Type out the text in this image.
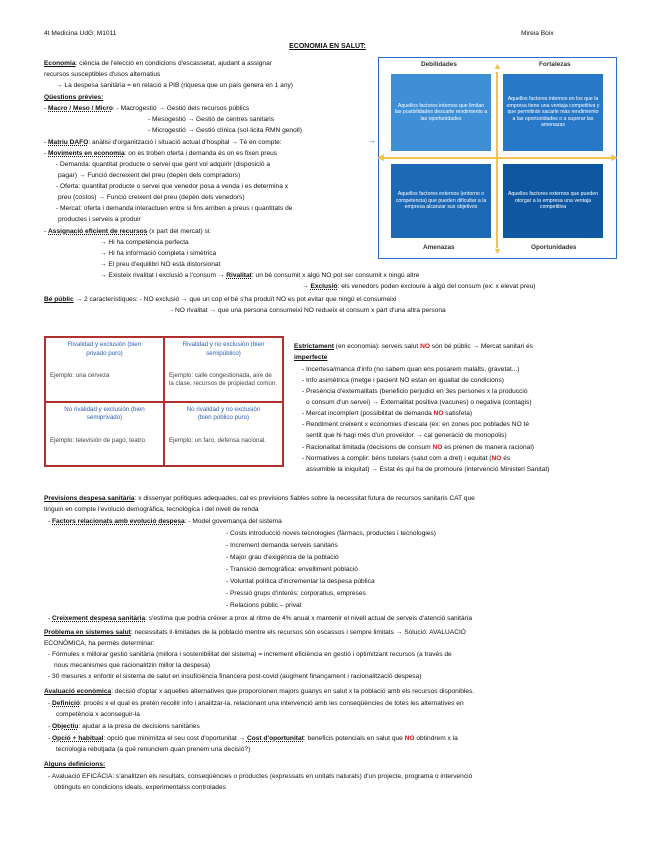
4t Medicina UdG; M1011	Mireia Boix
ECONOMIA EN SALUT:
Economia: ciència de l'elecció en condicions d'escassetat, ajudant a assignar
recursos susceptibles d'usos alternatius
→ La despesa sanitària = en relació a PIB (riquesa que un país genera en 1 any)
Qüestions prèvies:
- Macro / Meso / Micro: - Macrogestió → Gestió dels recursos públics
- Mesogestió → Gestió de centres sanitaris
- Microgestió → Gestió clínica (sol·licita RMN genoll)
- Matriu DAFO: anàlisi d'organització i situació actual d'hospital → Té en compte:
- Moviments en economia: on es troben oferta i demanda és on es fixen preus
- Demanda: quantitat producte o servei que gent vol adquirir (disposició a
pagar) → Funció decreixent del preu (depèn dels compradors)
- Oferta: quantitat producte o servei que venedor posa a venda i es determina x
preu (costos) → Funció creixent del preu (depèn dels venedors)
- Mercat: oferta i demanda interactuen entre si fins arriben a preus i quantitats de
productes i serveis a produir
- Assignació eficient de recursos (x part del mercat) si:
→ Hi ha competència perfecta
→ Hi ha informació completa i simètrica
→ El preu d'equilibri NO està distorsionat
→ Existeix rivalitat i exclusió a l'consum → Rivalitat: un bé consumit x algú NO pot ser consumit x ningú altre
→ Exclusió: els venedors poden excloure a algú del consum (ex: x elevat preu)
Bé públic → 2 característiques: - NO exclusió → que un cop el bé s'ha produït NO es pot evitar que ningú el consumeixi
- NO rivalitat → que una persona consumeixi NO redueix el consum x part d'una altra persona
Debilidades	Fortalezas
Aquellos factores internos que limitan las posibilidades descarte rendimiento a las oportunidades
Aquellos factores internos en los que la empresa tiene una ventaja competitiva y que permitirán sacarle más rendimiento a las oportunidades o a superar las amenazas
Aquellos factores externos (entorno o competencia) que pueden dificultar a la empresa alcanzar sus objetivos
Aquellos factores externos que pueden otorgar a la empresa una ventaja competitiva
◀	▶
▲
▼
Amenazas	Oportunidades
→
Rivalidad y exclusión (bien privado puro)
Ejemplo: una cerveza
Rivalidad y no exclusión (bien semipúblico)
Ejemplo: calle congestionada, aire de la clase, recursos de propiedad común.
No rivalidad y exclusión (bien semiprivado)
Ejemplo: televisión de pago, teatro.
No rivalidad y no exclusión (bien público puro)
Ejemplo: un faro, defensa nacional.
Estrictament (en economia): serveis salut NO són bé públic → Mercat sanitari és
imperfecte
- Incertesa/manca d'info (no sabem quan ens posarem malalts, gravetat...)
- Info asimètrica (metge i pacient NO estan en igualtat de condicions)
- Presència d'externalitats (beneficio perjudici en 3es persones x la producció
o consum d'un servei) → Externalitat positiva (vacunes) o negativa (contagis)
- Mercat incomplert (possibilitat de demanda NO satisfeta)
- Rendiment creixent x economies d'escala (ex: en zones poc poblades NO té
sentit que hi hagi més d'un proveïdor → cal generació de monopolis)
- Racionalitat limitada (decisions de consum NO es prenen de manera racional)
- Normatives a complir: béns tutelars (salut com a dret) i equitat (NO és
assumible la iniquitat) → Estat és qui ha de promoure (intervenció Ministeri Sanitat)
Previsions despesa sanitària: x dissenyar polítiques adequades, cal es previsions fiables sobre la necessitat futura de recursos sanitaris CAT que
tinguin en compte l'evolució demogràfica, tecnològica i del nivell de renda
- Factors relacionats amb evolució despesa: - Model governança del sistema
- Costs introducció noves tecnologies (fàrmacs, productes i tecnologies)
- Increment demanda serveis sanitaris
- Major grau d'exigència de la població
- Transició demogràfica: envelliment població
- Voluntat política d'incrementar la despesa pública
- Pressió grups d'interès: corporatius, empreses
- Relacions públic – privat
- Creixement despesa sanitària: s'estima que podria créixer a prox al ritme de 4% anual x mantenir el nivell actual de serveis d'atenció sanitària
Problema en sistemes salut: necessitats il·limitades de la població mentre els recursos són escassos i sempre limitats → Solució: AVALUACIÓ
ECONÒMICA, ha permès determinar:
- Fórmules x millorar gestió sanitària (millora i sostenibilitat del sistema) = increment eficiència en gestió i optimitzant recursos (a través de
nous mecanismes que racionalitzin millor la despesa)
- 30 mesures x enfortir el sistema de salut en insuficiència financera post-covid (augment finançament i racionalització despesa)
Avaluació econòmica: decisió d'optar x aquelles alternatives que proporcionen majors guanys en salut x la població amb els recursos disponibles.
- Definició: procés x el qual es pretén recollir info i analitzar-la, relacionant una intervenció amb les conseqüències de totes les alternatives en
competència x aconseguir-la
- Objectiu: ajudar a la presa de decisions sanitàries
- Opció + habitual: opció que minimitza el seu cost d'oportunitat → Cost d'oportunitat: beneficis potencials en salut que NO obtindrem x la
tecnologia rebutjada (a què renunciem quan prenem una decisió?)
Alguns definicions:
- Avaluació EFICÀCIA: s'analitzen els resultats, conseqüències o productes (expressats en unitats naturals) d'un projecte, programa o intervenció
obtinguts en condicions ideals, experimentalss controlades
